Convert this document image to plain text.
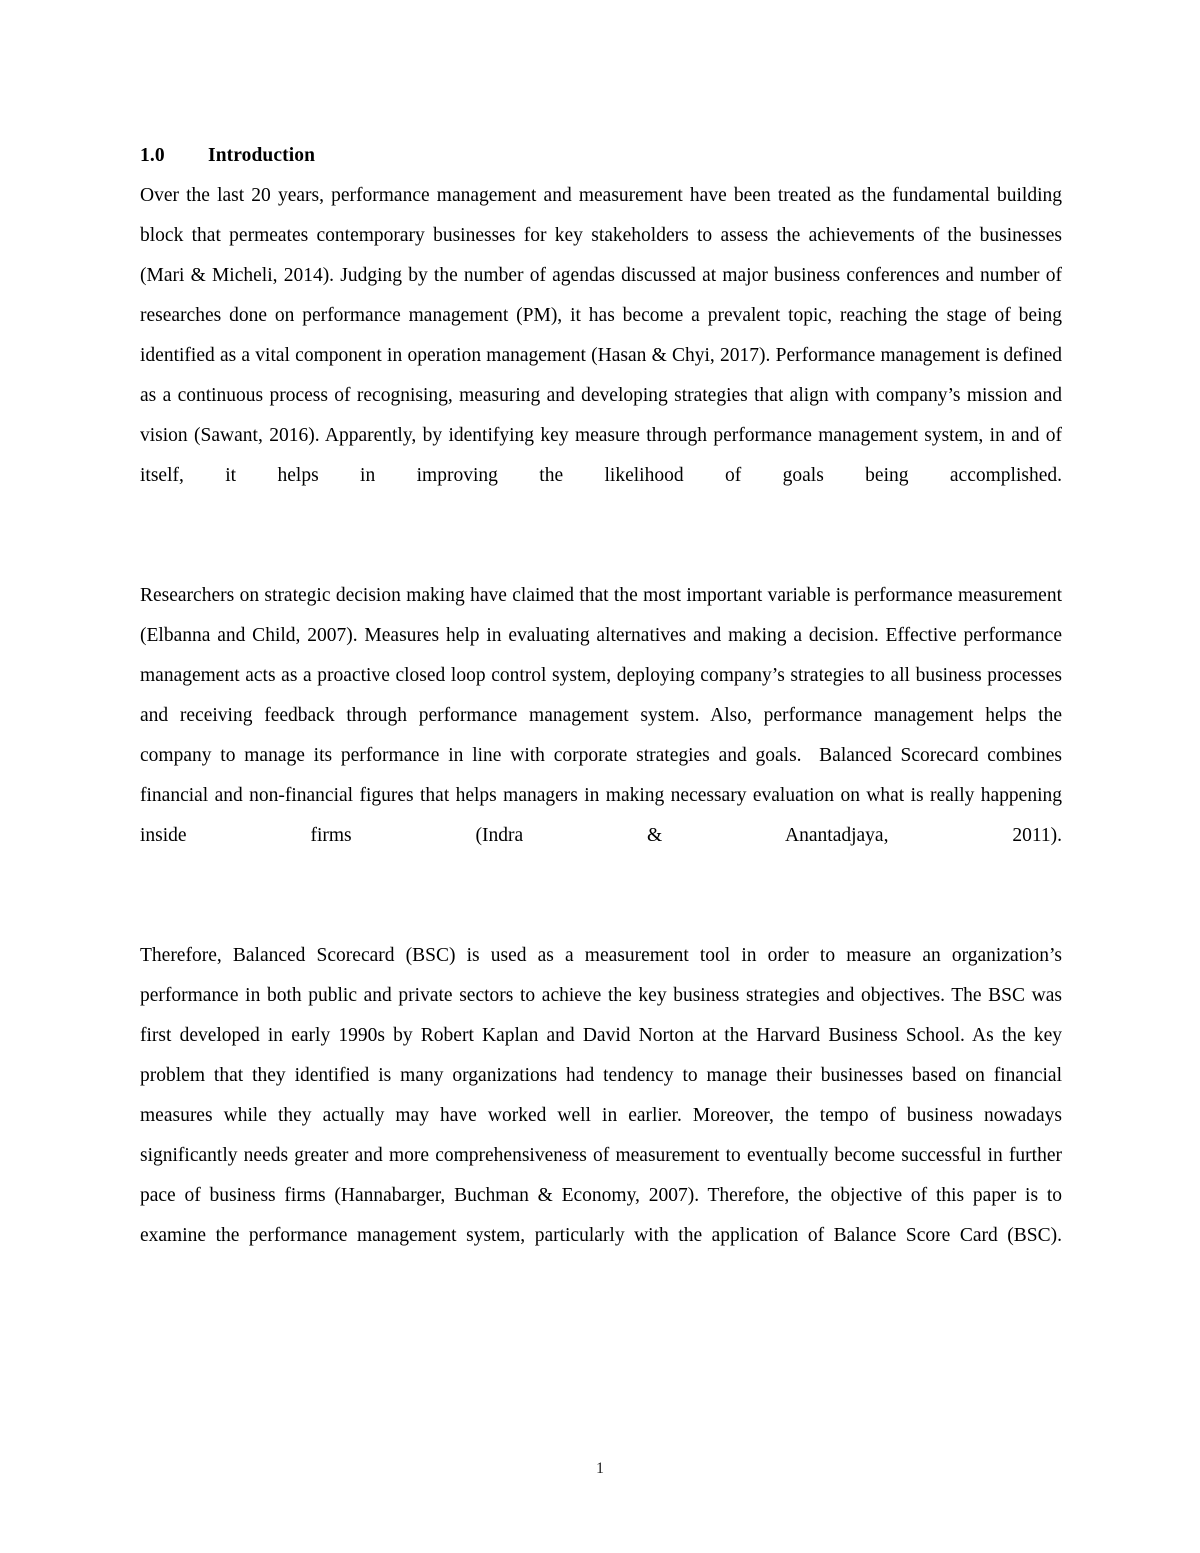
1.0 Introduction

Over the last 20 years, performance management and measurement have been treated as the fundamental building block that permeates contemporary businesses for key stakeholders to assess the achievements of the businesses (Mari & Micheli, 2014). Judging by the number of agendas discussed at major business conferences and number of researches done on performance management (PM), it has become a prevalent topic, reaching the stage of being identified as a vital component in operation management (Hasan & Chyi, 2017). Performance management is defined as a continuous process of recognising, measuring and developing strategies that align with company’s mission and vision (Sawant, 2016). Apparently, by identifying key measure through performance management system, in and of itself, it helps in improving the likelihood of goals being accomplished.

Researchers on strategic decision making have claimed that the most important variable is performance measurement (Elbanna and Child, 2007). Measures help in evaluating alternatives and making a decision. Effective performance management acts as a proactive closed loop control system, deploying company’s strategies to all business processes and receiving feedback through performance management system. Also, performance management helps the company to manage its performance in line with corporate strategies and goals.  Balanced Scorecard combines financial and non-financial figures that helps managers in making necessary evaluation on what is really happening inside firms (Indra & Anantadjaya, 2011).

Therefore, Balanced Scorecard (BSC) is used as a measurement tool in order to measure an organization’s performance in both public and private sectors to achieve the key business strategies and objectives. The BSC was first developed in early 1990s by Robert Kaplan and David Norton at the Harvard Business School. As the key problem that they identified is many organizations had tendency to manage their businesses based on financial measures while they actually may have worked well in earlier. Moreover, the tempo of business nowadays significantly needs greater and more comprehensiveness of measurement to eventually become successful in further pace of business firms (Hannabarger, Buchman & Economy, 2007). Therefore, the objective of this paper is to examine the performance management system, particularly with the application of Balance Score Card (BSC).

1
